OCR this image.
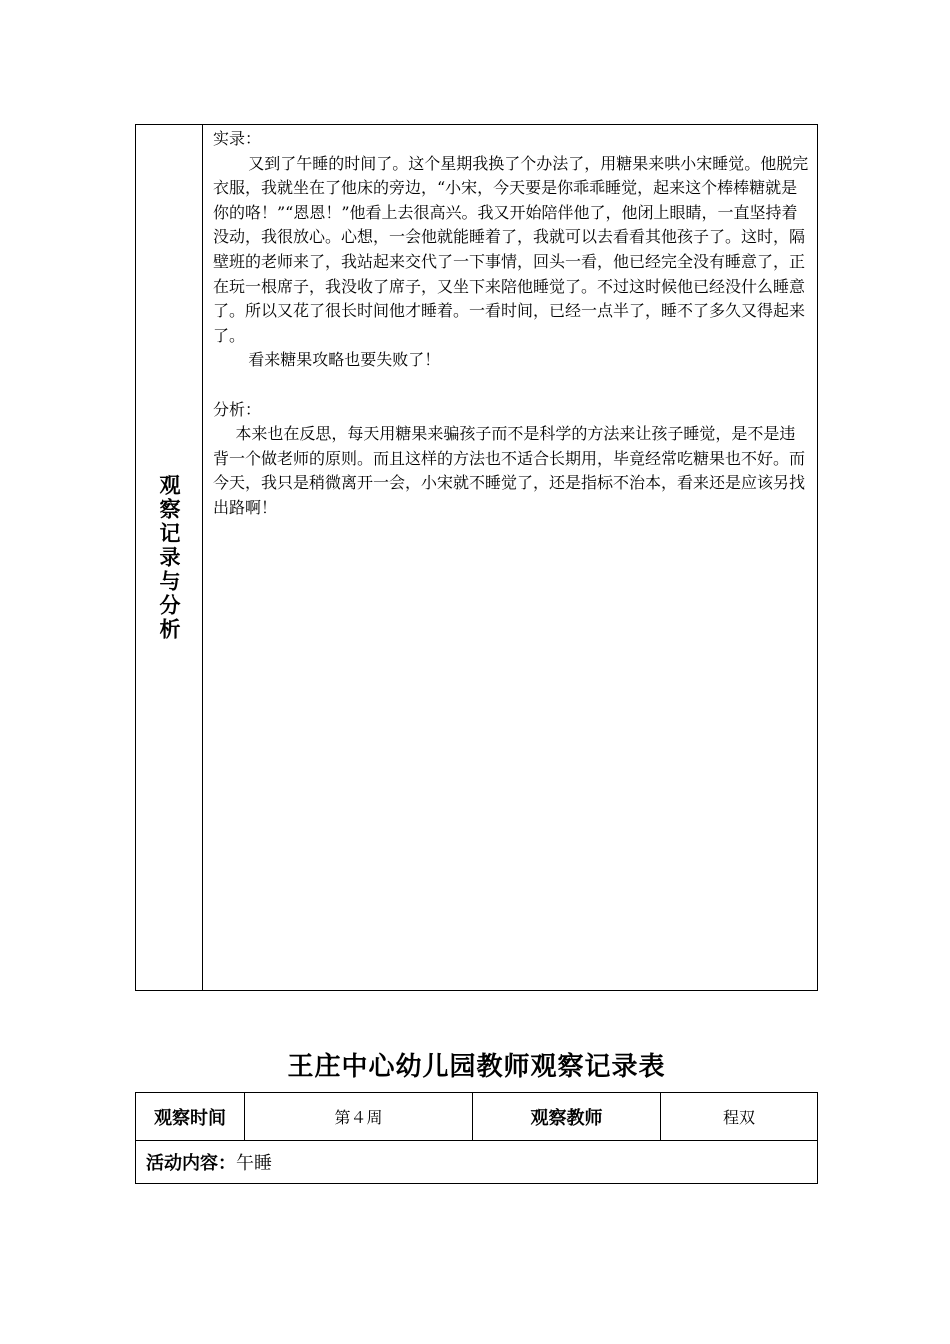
观察记录与分析

实录：

又到了午睡的时间了。这个星期我换了个办法了，用糖果来哄小宋睡觉。他脱完衣服，我就坐在了他床的旁边，“小宋，今天要是你乖乖睡觉，起来这个棒棒糖就是你的咯！”“恩恩！”他看上去很高兴。我又开始陪伴他了，他闭上眼睛，一直坚持着没动，我很放心。心想，一会他就能睡着了，我就可以去看看其他孩子了。这时，隔壁班的老师来了，我站起来交代了一下事情，回头一看，他已经完全没有睡意了，正在玩一根席子，我没收了席子，又坐下来陪他睡觉了。不过这时候他已经没什么睡意了。所以又花了很长时间他才睡着。一看时间，已经一点半了，睡不了多久又得起来了。

看来糖果攻略也要失败了！

分析：

本来也在反思，每天用糖果来骗孩子而不是科学的方法来让孩子睡觉，是不是违背一个做老师的原则。而且这样的方法也不适合长期用，毕竟经常吃糖果也不好。而今天，我只是稍微离开一会，小宋就不睡觉了，还是指标不治本，看来还是应该另找出路啊！

王庄中心幼儿园教师观察记录表
观察时间	第４周	观察教师	程双
活动内容： 午睡
